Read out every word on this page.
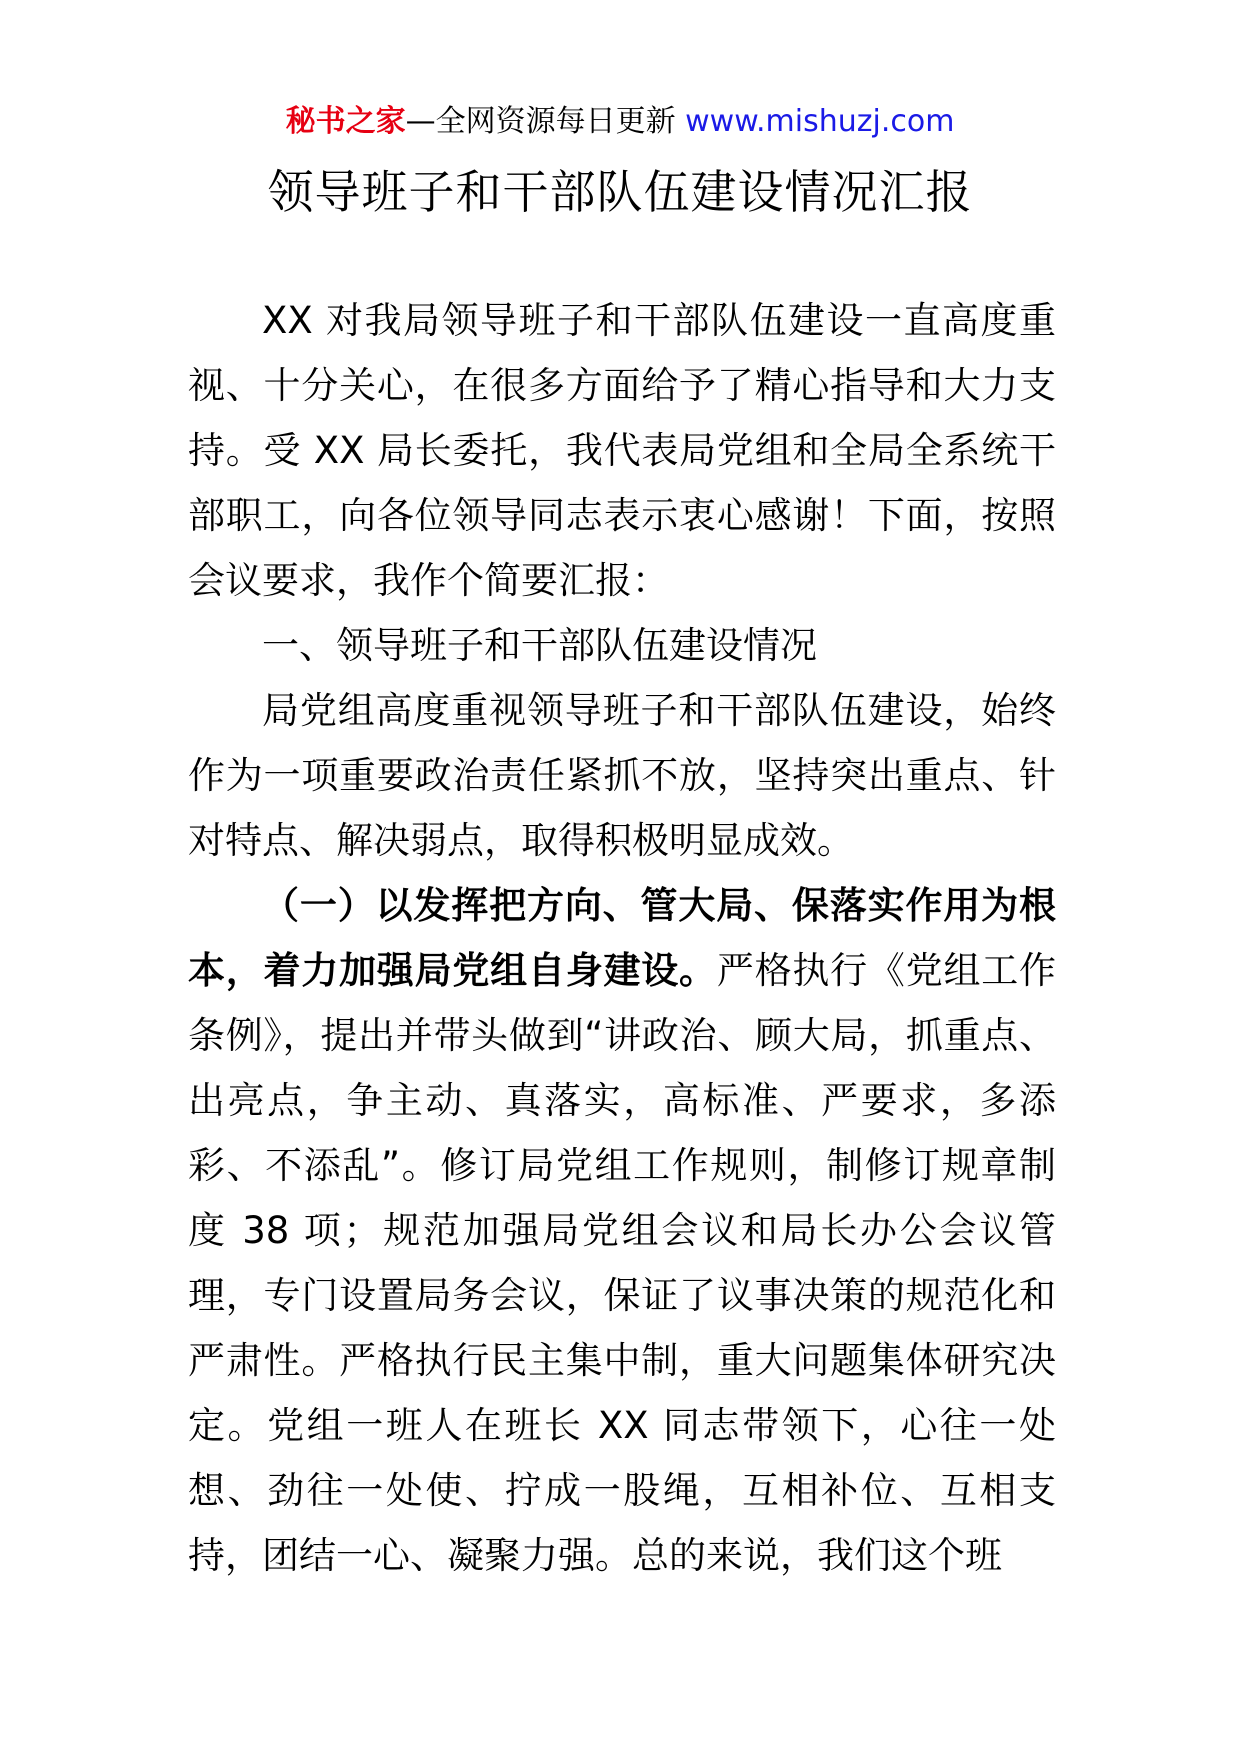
秘书之家—全网资源每日更新 www.mishuzj.com
领导班子和干部队伍建设情况汇报

XX 对我局领导班子和干部队伍建设一直高度重视、十分关心，在很多方面给予了精心指导和大力支持。受 XX 局长委托，我代表局党组和全局全系统干部职工，向各位领导同志表示衷心感谢！下面，按照会议要求，我作个简要汇报：

一、领导班子和干部队伍建设情况

局党组高度重视领导班子和干部队伍建设，始终作为一项重要政治责任紧抓不放，坚持突出重点、针对特点、解决弱点，取得积极明显成效。

（一）以发挥把方向、管大局、保落实作用为根本，着力加强局党组自身建设。严格执行《党组工作条例》，提出并带头做到“讲政治、顾大局，抓重点、出亮点，争主动、真落实，高标准、严要求，多添彩、不添乱”。修订局党组工作规则，制修订规章制度 38 项；规范加强局党组会议和局长办公会议管理，专门设置局务会议，保证了议事决策的规范化和严肃性。严格执行民主集中制，重大问题集体研究决定。党组一班人在班长 XX 同志带领下，心往一处想、劲往一处使、拧成一股绳，互相补位、互相支持，团结一心、凝聚力强。总的来说，我们这个班
